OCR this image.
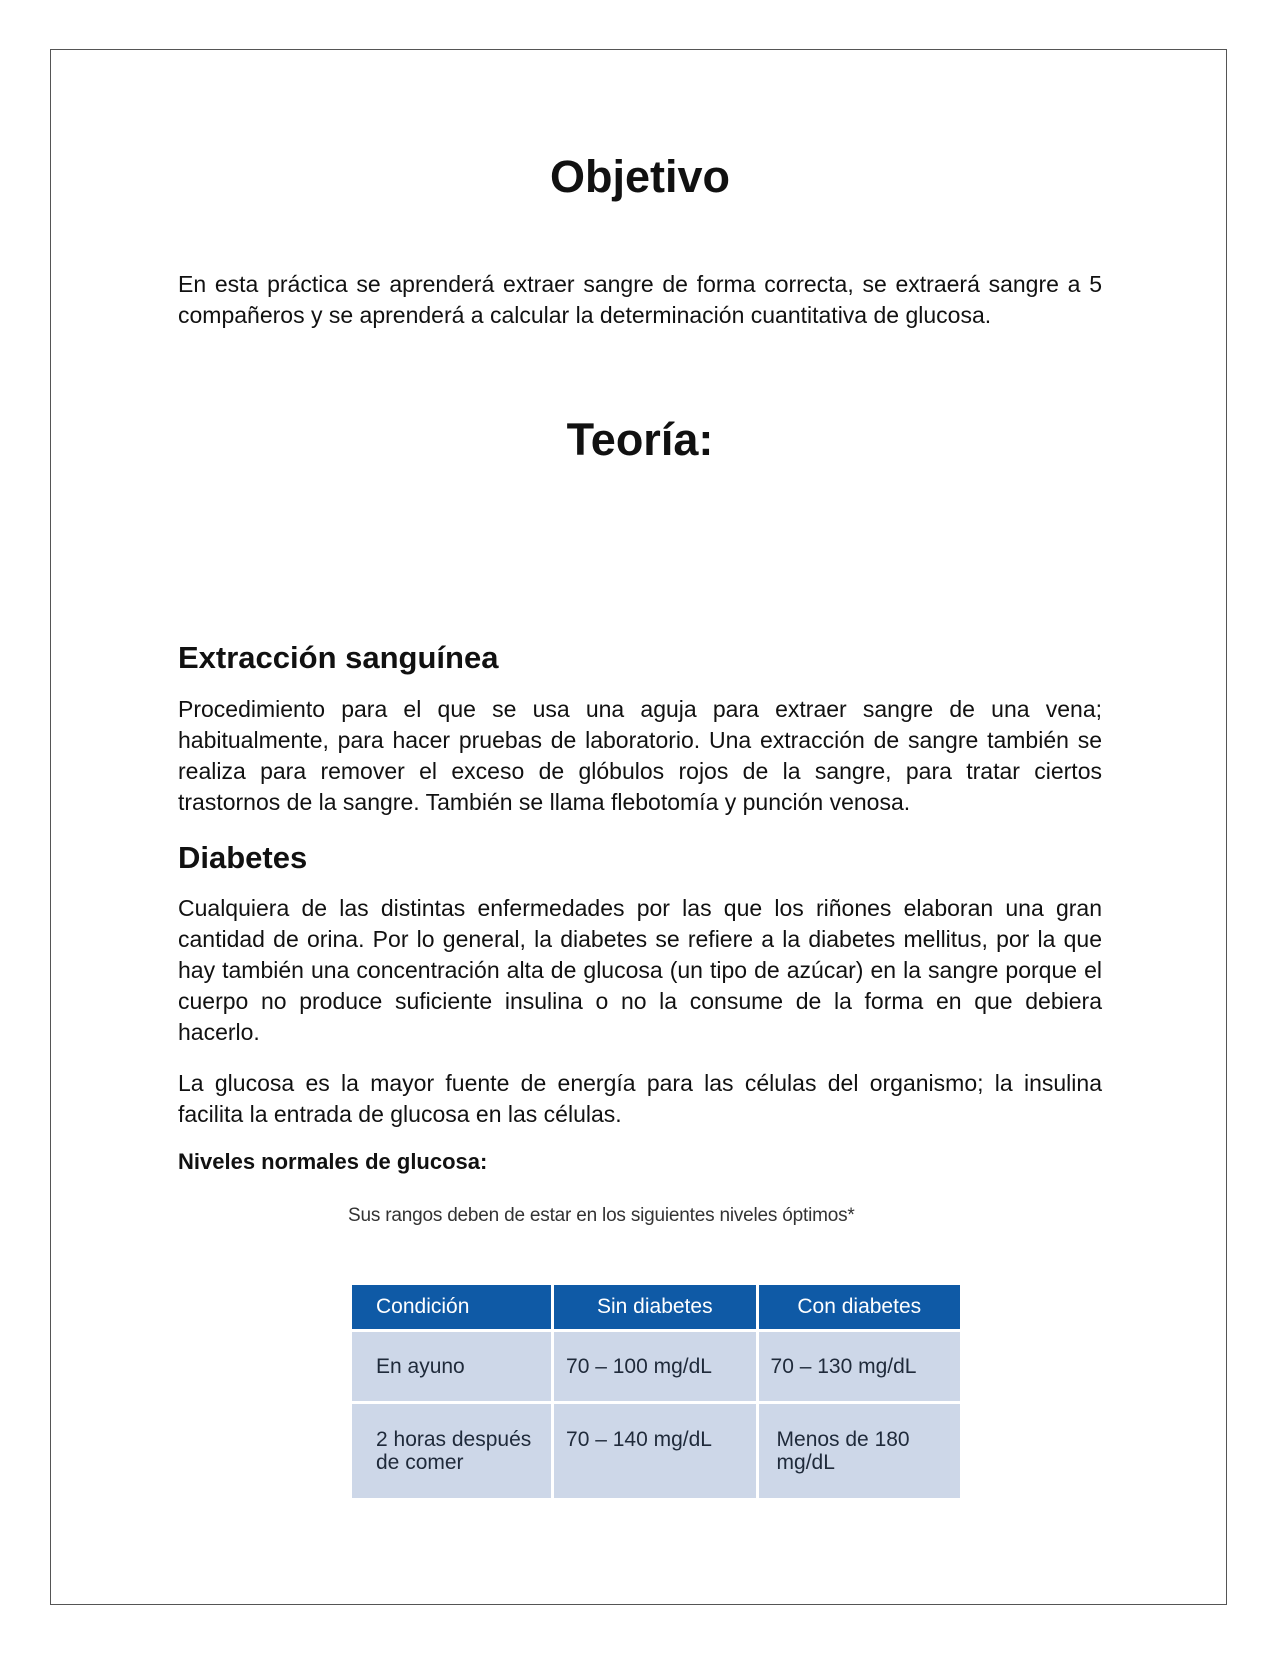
Objetivo

En esta práctica se aprenderá extraer sangre de forma correcta, se extraerá sangre a 5 compañeros y se aprenderá a calcular la determinación cuantitativa de glucosa.

Teoría:
Extracción sanguínea

Procedimiento para el que se usa una aguja para extraer sangre de una vena; habitualmente, para hacer pruebas de laboratorio. Una extracción de sangre también se realiza para remover el exceso de glóbulos rojos de la sangre, para tratar ciertos trastornos de la sangre. También se llama flebotomía y punción venosa.

Diabetes

Cualquiera de las distintas enfermedades por las que los riñones elaboran una gran cantidad de orina. Por lo general, la diabetes se refiere a la diabetes mellitus, por la que hay también una concentración alta de glucosa (un tipo de azúcar) en la sangre porque el cuerpo no produce suficiente insulina o no la consume de la forma en que debiera hacerlo.

La glucosa es la mayor fuente de energía para las células del organismo; la insulina facilita la entrada de glucosa en las células.

Niveles normales de glucosa:
Sus rangos deben de estar en los siguientes niveles óptimos*
Condición	Sin diabetes	Con diabetes
En ayuno	70 – 100 mg/dL	70 – 130 mg/dL
2 horas después de comer	70 – 140 mg/dL	Menos de 180 mg/dL
